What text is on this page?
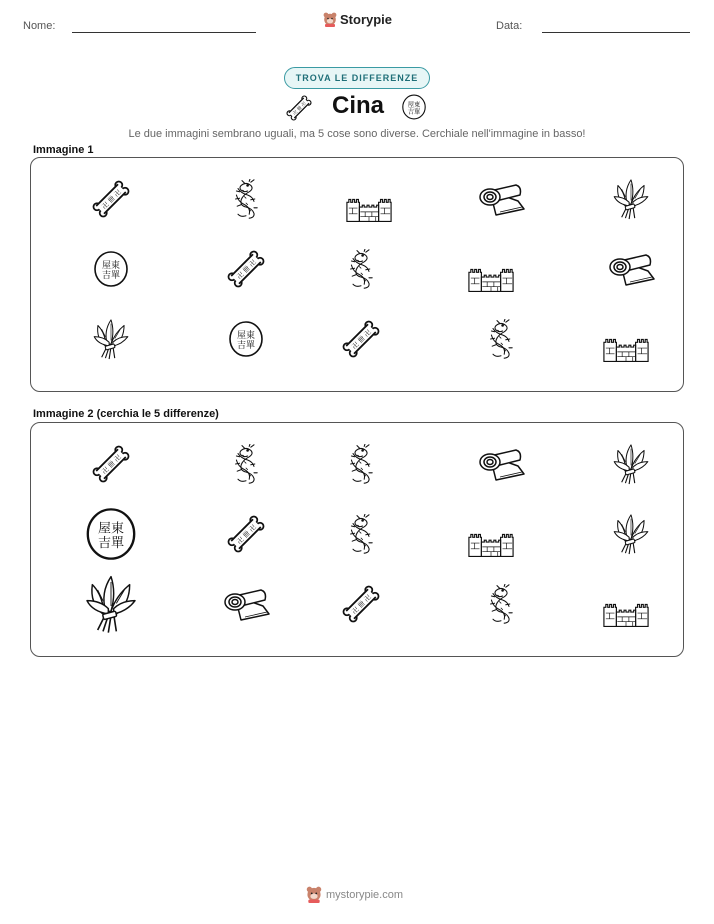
Nome:	Storypie	Data:
TROVA LE DIFFERENZE
Cina
Le due immagini sembrano uguali, ma 5 cose sono diverse. Cerchiale nell'immagine in basso!
Immagine 1
Immagine 2 (cerchia le 5 differenze)
mystorypie.com
